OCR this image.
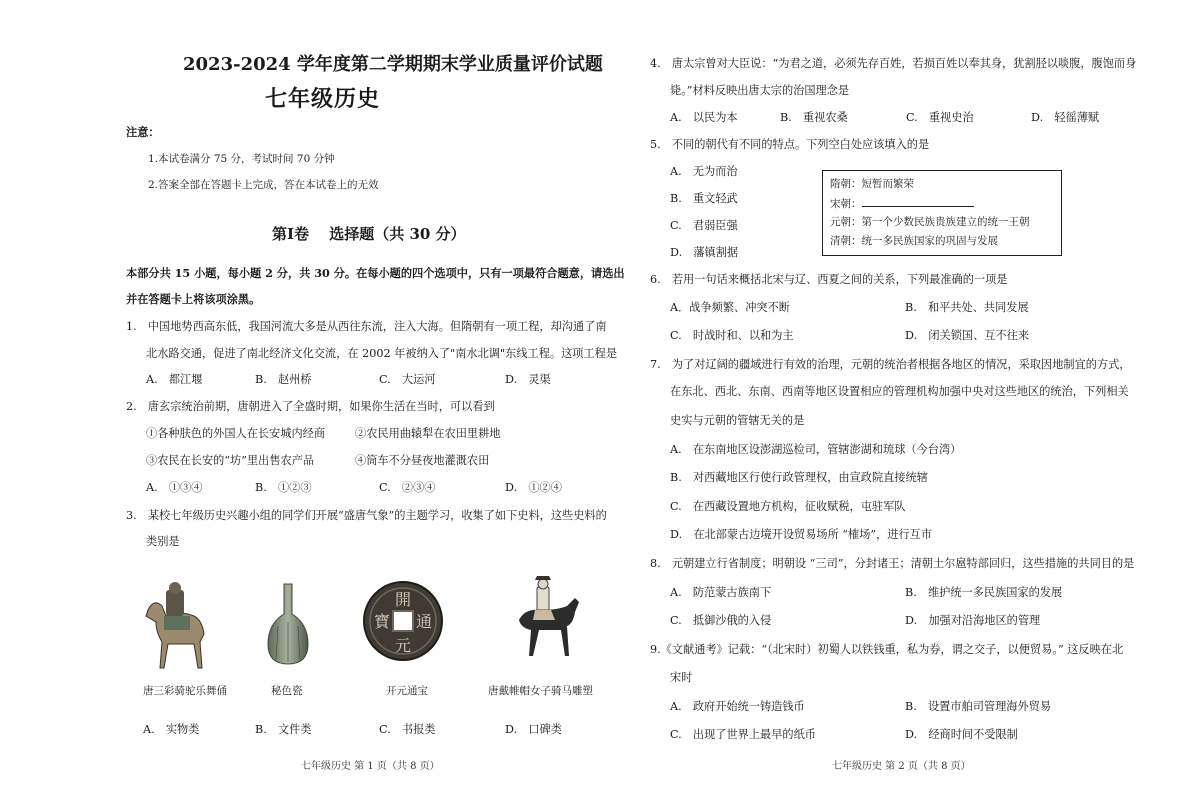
2023-2024 学年度第二学期期末学业质量评价试题
七年级历史
注意：
1.本试卷满分 75 分，考试时间 70 分钟
2.答案全部在答题卡上完成，答在本试卷上的无效
第Ⅰ卷　 选择题（共 30 分）
本部分共 15 小题，每小题 2 分，共 30 分。在每小题的四个选项中，只有一项最符合题意，请选出
并在答题卡上将该项涂黑。
1.　中国地势西高东低，我国河流大多是从西往东流，注入大海。但隋朝有一项工程，却沟通了南
北水路交通，促进了南北经济文化交流，在 2002 年被纳入了"南水北调"东线工程。这项工程是
A.　都江堰	B.　赵州桥	C.　大运河	D.　灵渠
2.　唐玄宗统治前期，唐朝进入了全盛时期，如果你生活在当时，可以看到
①各种肤色的外国人在长安城内经商	②农民用曲辕犁在农田里耕地
③农民在长安的“坊”里出售农产品	④筒车不分昼夜地灌溉农田
A.　①③④	B.　①②③	C.　②③④	D.　①②④
3.　某校七年级历史兴趣小组的同学们开展“盛唐气象”的主题学习，收集了如下史料，这些史料的
类别是
開
元
通
寶
唐三彩骑驼乐舞俑	秘色瓷	开元通宝	唐戴帷帽女子骑马雕塑
A.　实物类	B.　文件类	C.　书报类	D.　口碑类
七年级历史 第 1 页（共 8 页）
4.　唐太宗曾对大臣说：“为君之道，必须先存百姓，若损百姓以奉其身，犹割胫以啖腹，腹饱而身
毙。”材料反映出唐太宗的治国理念是
A.　以民为本	B.　重视农桑	C.　重视史治	D.　轻徭薄赋
5.　不同的朝代有不同的特点。下列空白处应该填入的是
A.　无为而治
B.　重文轻武
C.　君弱臣强
D.　藩镇割据
隋朝：短暂而繁荣
宋朝：
元朝：第一个少数民族贵族建立的统一王朝
清朝：统一多民族国家的巩固与发展
6.　若用一句话来概括北宋与辽、西夏之间的关系，下列最准确的一项是
A．战争频繁、冲突不断	B.　和平共处、共同发展
C.　时战时和、以和为主	D.　闭关锁国、互不往来
7.　为了对辽阔的疆域进行有效的治理，元朝的统治者根据各地区的情况，采取因地制宜的方式，
在东北、西北、东南、西南等地区设置相应的管理机构加强中央对这些地区的统治，下列相关
史实与元朝的管辖无关的是
A.　在东南地区设澎湖巡检司，管辖澎湖和琉球（今台湾）
B.　对西藏地区行使行政管理权，由宣政院直接统辖
C.　在西藏设置地方机构，征收赋税，屯驻军队
D.　在北部蒙古边境开设贸易场所 “榷场”，进行互市
8.　元朝建立行省制度；明朝设 “三司”，分封诸王；清朝土尔扈特部回归，这些措施的共同目的是
A.　防范蒙古族南下	B.　维护统一多民族国家的发展
C.　抵御沙俄的入侵	D.　加强对沿海地区的管理
9.《文献通考》记载：“（北宋时）初蜀人以铁钱重，私为券，谓之交子，以便贸易。” 这反映在北
宋时
A.　政府开始统一铸造钱币	B.　设置市舶司管理海外贸易
C.　出现了世界上最早的纸币	D.　经商时间不受限制
七年级历史 第 2 页（共 8 页）
